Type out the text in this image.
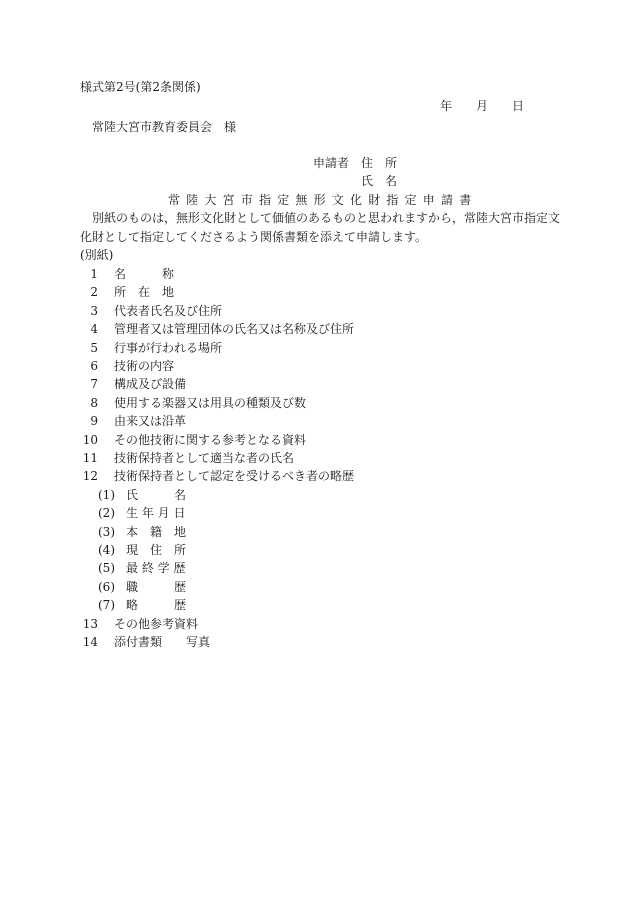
様式第2号(第2条関係)
年　　月　　日
常陸大宮市教育委員会　様
申請者 住　所
氏　名
常陸大宮市指定無形文化財指定申請書
別紙のものは，無形文化財として価値のあるものと思われますから，常陸大宮市指定文
化財として指定してくださるよう関係書類を添えて申請します。
(別紙)
1 名　　　称
2 所　在　地
3 代表者氏名及び住所
4 管理者又は管理団体の氏名又は名称及び住所
5 行事が行われる場所
6 技術の内容
7 構成及び設備
8 使用する楽器又は用具の種類及び数
9 由来又は沿革
10 その他技術に関する参考となる資料
11 技術保持者として適当な者の氏名
12 技術保持者として認定を受けるべき者の略歴
(1) 氏　　　名
(2) 生 年 月 日
(3) 本　籍　地
(4) 現　住　所
(5) 最 終 学 歴
(6) 職　　　歴
(7) 略　　　歴
13 その他参考資料
14 添付書類　　写真
